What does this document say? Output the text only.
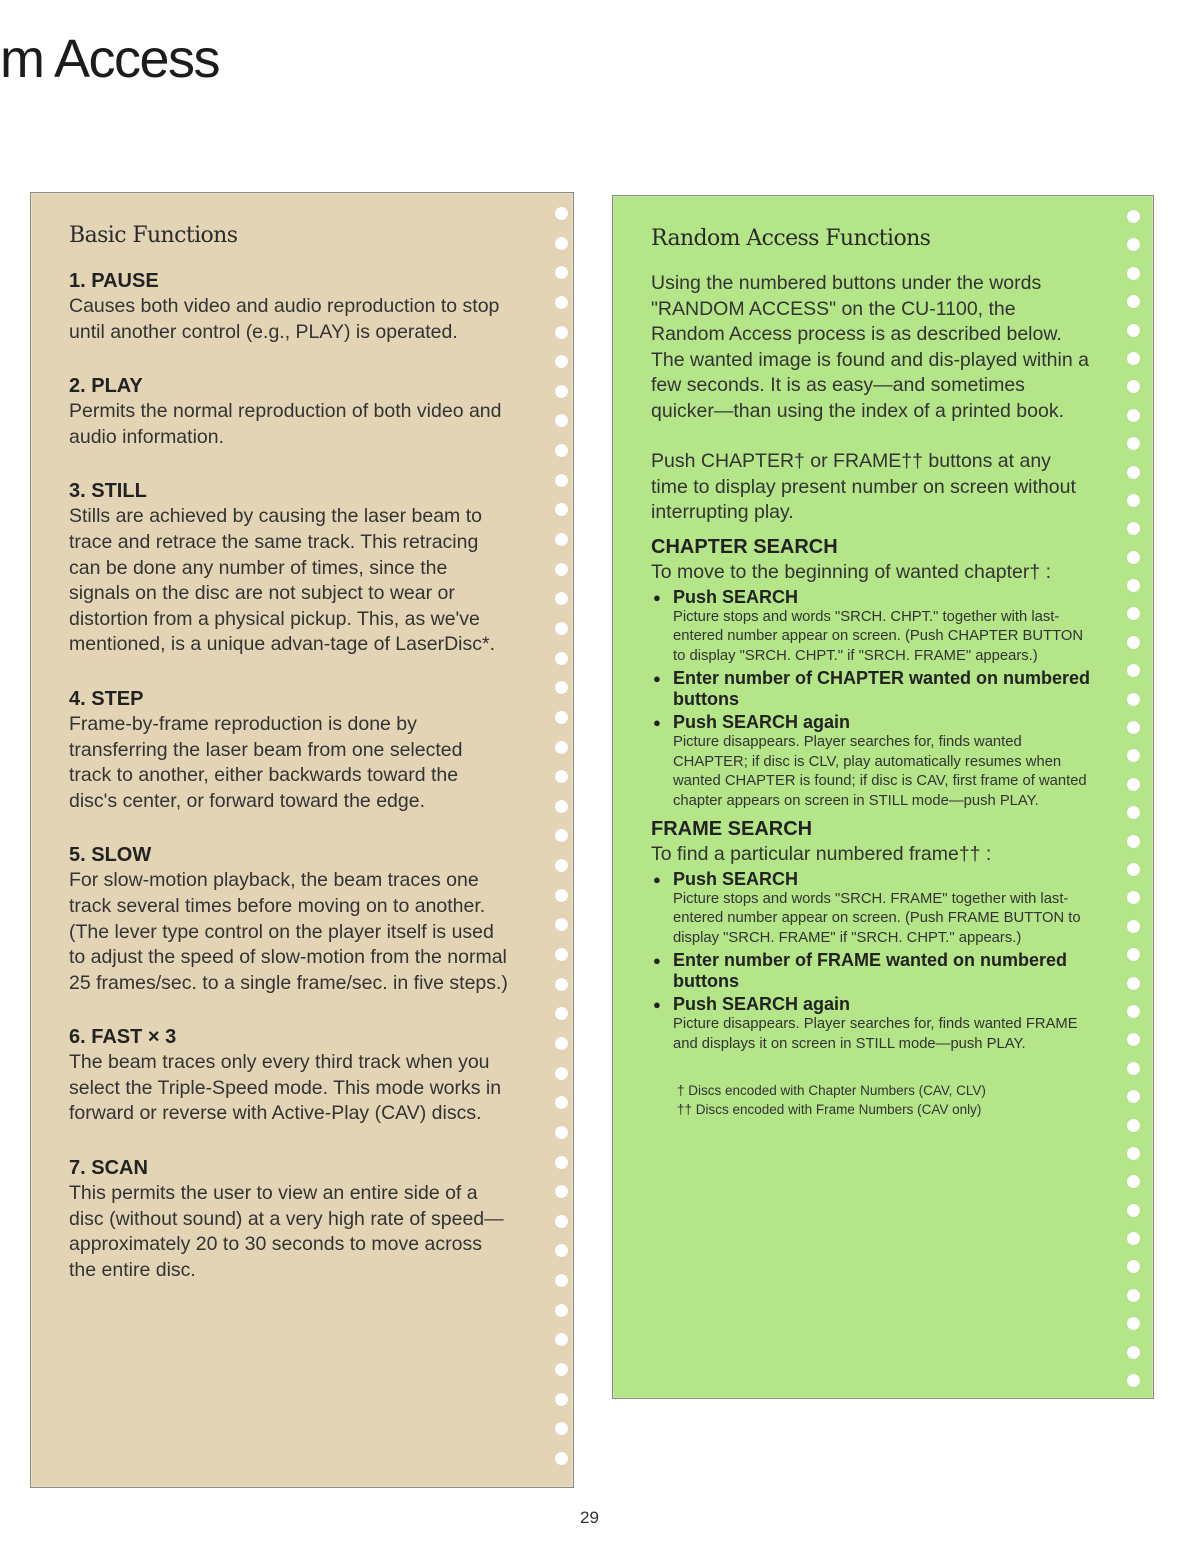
m Access
Basic Functions

1. PAUSE

Causes both video and audio reproduction to stop until another control (e.g., PLAY) is operated.

2. PLAY

Permits the normal reproduction of both video and audio information.

3. STILL

Stills are achieved by causing the laser beam to trace and retrace the same track. This retracing can be done any number of times, since the signals on the disc are not subject to wear or distortion from a physical pickup. This, as we've mentioned, is a unique advan-tage of LaserDisc*.

4. STEP

Frame-by-frame reproduction is done by transferring the laser beam from one selected track to another, either backwards toward the disc's center, or forward toward the edge.

5. SLOW

For slow-motion playback, the beam traces one track several times before moving on to another. (The lever type control on the player itself is used to adjust the speed of slow-motion from the normal 25 frames/sec. to a single frame/sec. in five steps.)

6. FAST × 3

The beam traces only every third track when you select the Triple-Speed mode. This mode works in forward or reverse with Active-Play (CAV) discs.

7. SCAN

This permits the user to view an entire side of a disc (without sound) at a very high rate of speed—approximately 20 to 30 seconds to move across the entire disc.

Random Access Functions

Using the numbered buttons under the words "RANDOM ACCESS" on the CU-1100, the Random Access process is as described below. The wanted image is found and dis-played within a few seconds. It is as easy—and sometimes quicker—than using the index of a printed book.

Push CHAPTER† or FRAME†† buttons at any time to display present number on screen without interrupting play.

CHAPTER SEARCH

To move to the beginning of wanted chapter† :

● Push SEARCH
Picture stops and words "SRCH. CHPT." together with last-entered number appear on screen. (Push CHAPTER BUTTON to display "SRCH. CHPT." if "SRCH. FRAME" appears.)
● Enter number of CHAPTER wanted on numbered buttons
● Push SEARCH again
Picture disappears. Player searches for, finds wanted CHAPTER; if disc is CLV, play automatically resumes when wanted CHAPTER is found; if disc is CAV, first frame of wanted chapter appears on screen in STILL mode—push PLAY.

FRAME SEARCH

To find a particular numbered frame†† :

● Push SEARCH
Picture stops and words "SRCH. FRAME" together with last-entered number appear on screen. (Push FRAME BUTTON to display "SRCH. FRAME" if "SRCH. CHPT." appears.)
● Enter number of FRAME wanted on numbered buttons
● Push SEARCH again
Picture disappears. Player searches for, finds wanted FRAME and displays it on screen in STILL mode—push PLAY.
† Discs encoded with Chapter Numbers (CAV, CLV)
†† Discs encoded with Frame Numbers (CAV only)
29
